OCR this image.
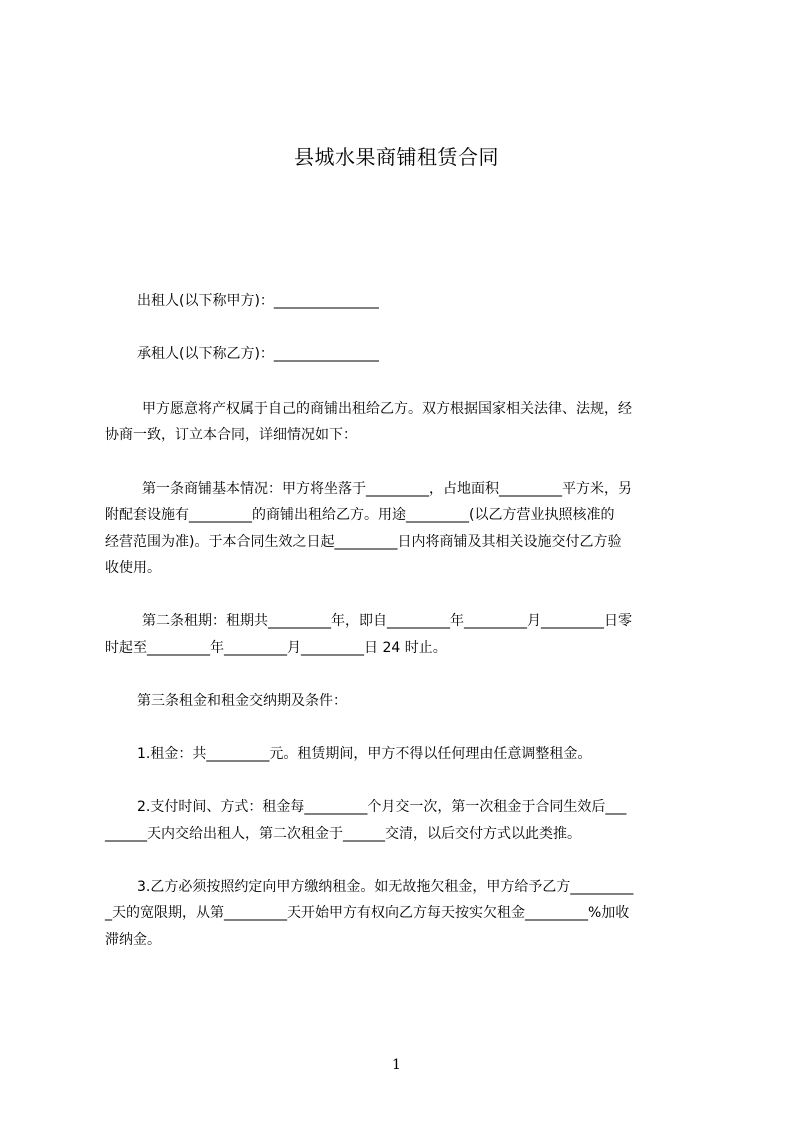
县城水果商铺租赁合同
出租人(以下称甲方)：_______________
承租人(以下称乙方)：_______________
甲方愿意将产权属于自己的商铺出租给乙方。双方根据国家相关法律、法规，经
协商一致，订立本合同，详细情况如下：
第一条商铺基本情况：甲方将坐落于_________，占地面积_________平方米，另
附配套设施有_________的商铺出租给乙方。用途_________(以乙方营业执照核准的
经营范围为准)。于本合同生效之日起_________日内将商铺及其相关设施交付乙方验
收使用。
第二条租期：租期共_________年，即自_________年_________月_________日零
时起至_________年_________月_________日 24 时止。
第三条租金和租金交纳期及条件：
1.租金：共_________元。租赁期间，甲方不得以任何理由任意调整租金。
2.支付时间、方式：租金每_________个月交一次，第一次租金于合同生效后___
______天内交给出租人，第二次租金于______交清，以后交付方式以此类推。
3.乙方必须按照约定向甲方缴纳租金。如无故拖欠租金，甲方给予乙方_________
_天的宽限期，从第_________天开始甲方有权向乙方每天按实欠租金_________%加收
滞纳金。
1
